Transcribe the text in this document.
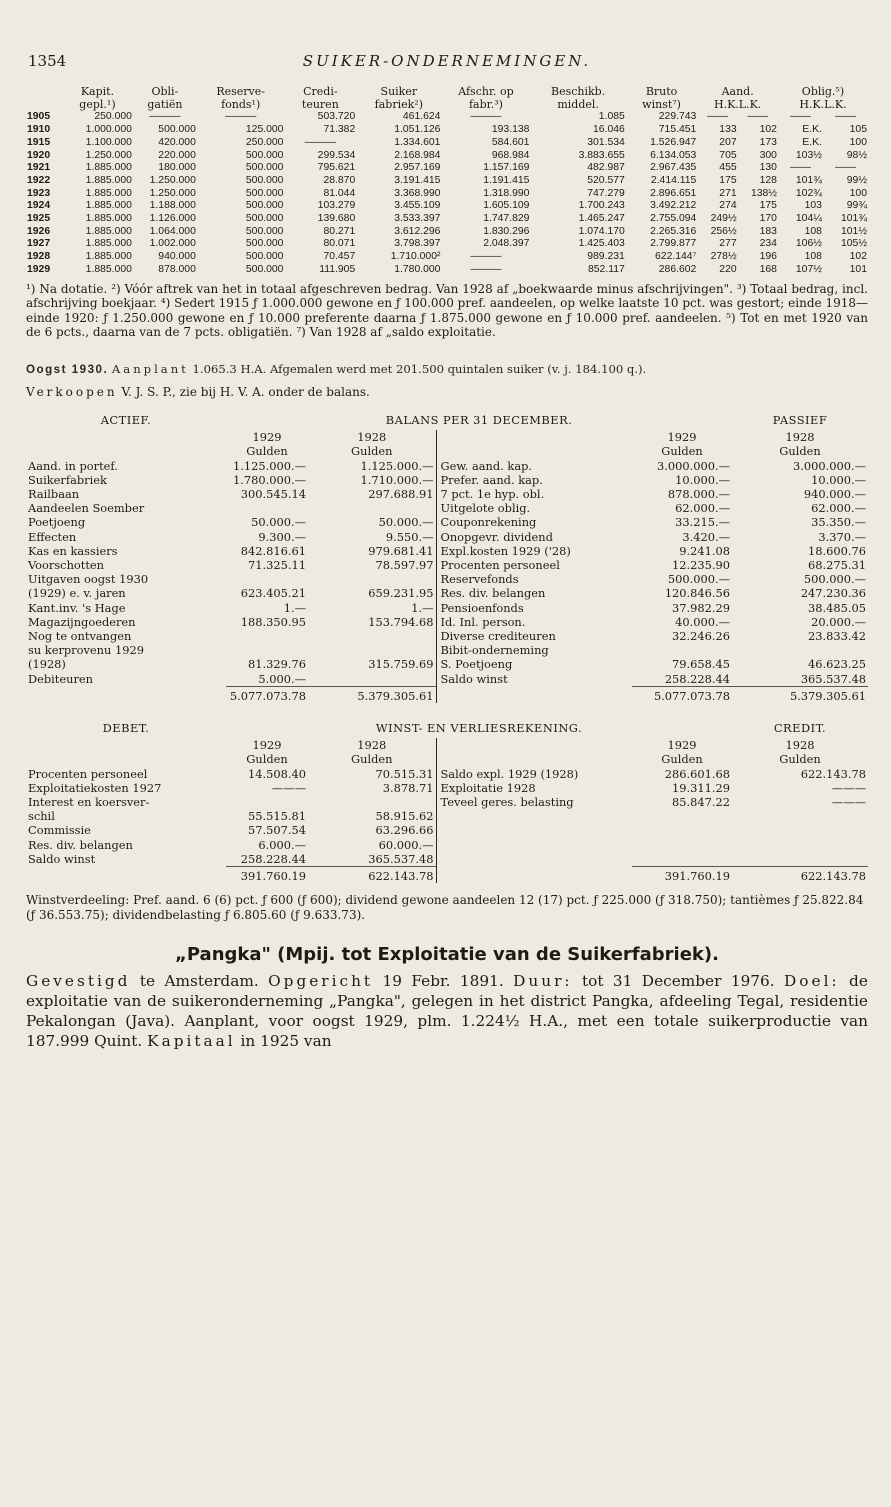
1354	SUIKER-ONDERNEMINGEN.
	Kapit. gepl.¹)	Obli- gatiën	Reserve- fonds¹)	Credi- teuren	Suiker fabriek²)	Afschr. op fabr.³)	Beschikb. middel.	Bruto winst⁷)	Aand. H.K.L.K.		Oblig.⁵) H.K.L.K.	
1905	250.000	———	———	503.720	461.624	———	1.085	229.743	——	——	——	——
1910	1.000.000	500.000	125.000	71.382	1.051.126	193.138	16.046	715.451	133	102	E.K.	105
1915	1.100.000	420.000	250.000	———	1.334.601	584.601	301.534	1.526.947	207	173	E.K.	100
1920	1.250.000	220.000	500.000	299.534	2.168.984	968.984	3.883.655	6.134.053	705	300	103½	98½
1921	1.885.000	180.000	500.000	795.621	2.957.169	1.157.169	482.987	2.967.435	455	130	——	——
1922	1.885.000	1.250.000	500.000	28.870	3.191.415	1.191.415	520.577	2.414.115	175	128	101¾	99½
1923	1.885.000	1.250.000	500.000	81.044	3.368.990	1.318.990	747.279	2.896.651	271	138½	102¾	100
1924	1.885.000	1.188.000	500.000	103.279	3.455.109	1.605.109	1.700.243	3.492.212	274	175	103	99¾
1925	1.885.000	1.126.000	500.000	139.680	3.533.397	1.747.829	1.465.247	2.755.094	249½	170	104¼	101¾
1926	1.885.000	1.064.000	500.000	80.271	3.612.296	1.830.296	1.074.170	2.265.316	256½	183	108	101½
1927	1.885.000	1.002.000	500.000	80.071	3.798.397	2.048.397	1.425.403	2.799.877	277	234	106½	105½
1928	1.885.000	940.000	500.000	70.457	1.710.000²	———	989.231	622.144⁷	278½	196	108	102
1929	1.885.000	878.000	500.000	111.905	1.780.000	———	852.117	286.602	220	168	107½	101

¹) Na dotatie. ²) Vóór aftrek van het in totaal afgeschreven bedrag. Van 1928 af „boekwaarde minus afschrijvingen". ³) Totaal bedrag, incl. afschrijving boekjaar. ⁴) Sedert 1915 ƒ 1.000.000 gewone en ƒ 100.000 pref. aandeelen, op welke laatste 10 pct. was gestort; einde 1918—einde 1920: ƒ 1.250.000 gewone en ƒ 10.000 preferente daarna ƒ 1.875.000 gewone en ƒ 10.000 pref. aandeelen. ⁵) Tot en met 1920 van de 6 pcts., daarna van de 7 pcts. obligatiën. ⁷) Van 1928 af „saldo exploitatie.

Oogst 1930. Aanplant 1.065.3 H.A. Afgemalen werd met 201.500 quintalen suiker (v. j. 184.100 q.).
Verkoopen V. J. S. P., zie bij H. V. A. onder de balans.
ACTIEF.	BALANS PER 31 DECEMBER.				PASSIEF
	1929	1928		1929	1928
	Gulden	Gulden		Gulden	Gulden
Aand. in portef.	1.125.000.—	1.125.000.—	Gew. aand. kap.	3.000.000.—	3.000.000.—
Suikerfabriek	1.780.000.—	1.710.000.—	Prefer. aand. kap.	10.000.—	10.000.—
Railbaan	300.545.14	297.688.91	7 pct. 1e hyp. obl.	878.000.—	940.000.—
Aandeelen Soember			Uitgelote oblig.	62.000.—	62.000.—
Poetjoeng	50.000.—	50.000.—	Couponrekening	33.215.—	35.350.—
Effecten	9.300.—	9.550.—	Onopgevr. dividend	3.420.—	3.370.—
Kas en kassiers	842.816.61	979.681.41	Expl.kosten 1929 ('28)	9.241.08	18.600.76
Voorschotten	71.325.11	78.597.97	Procenten personeel	12.235.90	68.275.31
Uitgaven oogst 1930			Reservefonds	500.000.—	500.000.—
(1929) e. v. jaren	623.405.21	659.231.95	Res. div. belangen	120.846.56	247.230.36
Kant.inv. 's Hage	1.—	1.—	Pensioenfonds	37.982.29	38.485.05
Magazijngoederen	188.350.95	153.794.68	Id. Inl. person.	40.000.—	20.000.—
Nog te ontvangen			Diverse crediteuren	32.246.26	23.833.42
su kerprovenu 1929			Bibit-onderneming		
(1928)	81.329.76	315.759.69	S. Poetjoeng	79.658.45	46.623.25
Debiteuren	5.000.—		Saldo winst	258.228.44	365.537.48
	5.077.073.78	5.379.305.61		5.077.073.78	5.379.305.61
DEBET.	WINST- EN VERLIESREKENING.				CREDIT.
	1929	1928		1929	1928
	Gulden	Gulden		Gulden	Gulden
Procenten personeel	14.508.40	70.515.31	Saldo expl. 1929 (1928)	286.601.68	622.143.78
Exploitatiekosten 1927	———	3.878.71	Exploitatie 1928	19.311.29	———
Interest en koersver-			Teveel geres. belasting	85.847.22	———
schil	55.515.81	58.915.62			
Commissie	57.507.54	63.296.66			
Res. div. belangen	6.000.—	60.000.—			
Saldo winst	258.228.44	365.537.48			
	391.760.19	622.143.78		391.760.19	622.143.78
Winstverdeeling: Pref. aand. 6 (6) pct. ƒ 600 (ƒ 600); dividend gewone aandeelen 12 (17) pct. ƒ 225.000 (ƒ 318.750); tantièmes ƒ 25.822.84 (ƒ 36.553.75); dividendbelasting ƒ 6.805.60 (ƒ 9.633.73).
„Pangka" (Mpij. tot Exploitatie van de Suikerfabriek).
Gevestigd te Amsterdam. Opgericht 19 Febr. 1891. Duur: tot 31 December 1976. Doel: de exploitatie van de suikeronderneming „Pangka", gelegen in het district Pangka, afdeeling Tegal, residentie Pekalongan (Java). Aanplant, voor oogst 1929, plm. 1.224½ H.A., met een totale suikerproductie van 187.999 Quint. Kapitaal in 1925 van
